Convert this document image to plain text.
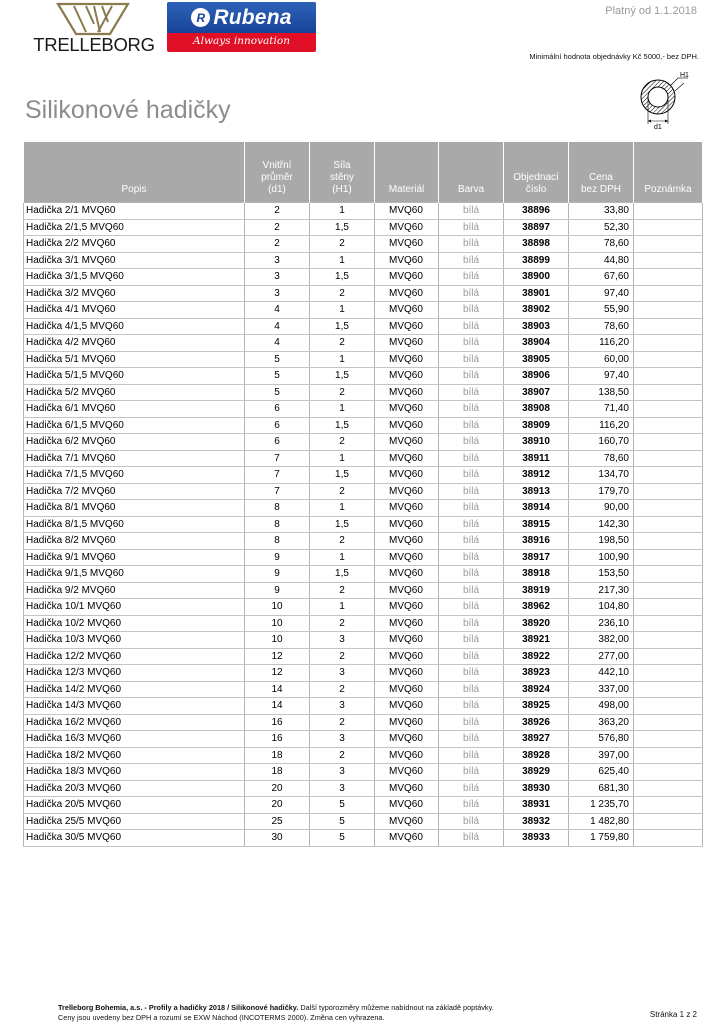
Platný od 1.1.2018
TRELLEBORG
R Rubena
Always innovation
Minimální hodnota objednávky Kč 5000,- bez DPH.
Silikonové hadičky
H1
d1
Popis	Vnitřní
průměr
(d1)	Síla
stěny
(H1)	Materiál	Barva	Objednací
číslo	Cena
bez DPH	Poznámka

Hadička 2/1 MVQ60	2	1	MVQ60	bílá	38896	33,80	
Hadička 2/1,5 MVQ60	2	1,5	MVQ60	bílá	38897	52,30	
Hadička 2/2 MVQ60	2	2	MVQ60	bílá	38898	78,60	
Hadička 3/1 MVQ60	3	1	MVQ60	bílá	38899	44,80	
Hadička 3/1,5 MVQ60	3	1,5	MVQ60	bílá	38900	67,60	
Hadička 3/2 MVQ60	3	2	MVQ60	bílá	38901	97,40	
Hadička 4/1 MVQ60	4	1	MVQ60	bílá	38902	55,90	
Hadička 4/1,5 MVQ60	4	1,5	MVQ60	bílá	38903	78,60	
Hadička 4/2 MVQ60	4	2	MVQ60	bílá	38904	116,20	
Hadička 5/1 MVQ60	5	1	MVQ60	bílá	38905	60,00	
Hadička 5/1,5 MVQ60	5	1,5	MVQ60	bílá	38906	97,40	
Hadička 5/2 MVQ60	5	2	MVQ60	bílá	38907	138,50	
Hadička 6/1 MVQ60	6	1	MVQ60	bílá	38908	71,40	
Hadička 6/1,5 MVQ60	6	1,5	MVQ60	bílá	38909	116,20	
Hadička 6/2 MVQ60	6	2	MVQ60	bílá	38910	160,70	
Hadička 7/1 MVQ60	7	1	MVQ60	bílá	38911	78,60	
Hadička 7/1,5 MVQ60	7	1,5	MVQ60	bílá	38912	134,70	
Hadička 7/2 MVQ60	7	2	MVQ60	bílá	38913	179,70	
Hadička 8/1 MVQ60	8	1	MVQ60	bílá	38914	90,00	
Hadička 8/1,5 MVQ60	8	1,5	MVQ60	bílá	38915	142,30	
Hadička 8/2 MVQ60	8	2	MVQ60	bílá	38916	198,50	
Hadička 9/1 MVQ60	9	1	MVQ60	bílá	38917	100,90	
Hadička 9/1,5 MVQ60	9	1,5	MVQ60	bílá	38918	153,50	
Hadička 9/2 MVQ60	9	2	MVQ60	bílá	38919	217,30	
Hadička 10/1 MVQ60	10	1	MVQ60	bílá	38962	104,80	
Hadička 10/2 MVQ60	10	2	MVQ60	bílá	38920	236,10	
Hadička 10/3 MVQ60	10	3	MVQ60	bílá	38921	382,00	
Hadička 12/2 MVQ60	12	2	MVQ60	bílá	38922	277,00	
Hadička 12/3 MVQ60	12	3	MVQ60	bílá	38923	442,10	
Hadička 14/2 MVQ60	14	2	MVQ60	bílá	38924	337,00	
Hadička 14/3 MVQ60	14	3	MVQ60	bílá	38925	498,00	
Hadička 16/2 MVQ60	16	2	MVQ60	bílá	38926	363,20	
Hadička 16/3 MVQ60	16	3	MVQ60	bílá	38927	576,80	
Hadička 18/2 MVQ60	18	2	MVQ60	bílá	38928	397,00	
Hadička 18/3 MVQ60	18	3	MVQ60	bílá	38929	625,40	
Hadička 20/3 MVQ60	20	3	MVQ60	bílá	38930	681,30	
Hadička 20/5 MVQ60	20	5	MVQ60	bílá	38931	1 235,70	
Hadička 25/5 MVQ60	25	5	MVQ60	bílá	38932	1 482,80	
Hadička 30/5 MVQ60	30	5	MVQ60	bílá	38933	1 759,80	
Trelleborg Bohemia, a.s. - Profily a hadičky 2018 / Silikonové hadičky. Další typorozměry můžeme nabídnout na základě poptávky.
Ceny jsou uvedeny bez DPH a rozumí se EXW Náchod (INCOTERMS 2000). Změna cen vyhrazena.	Stránka 1 z 2
